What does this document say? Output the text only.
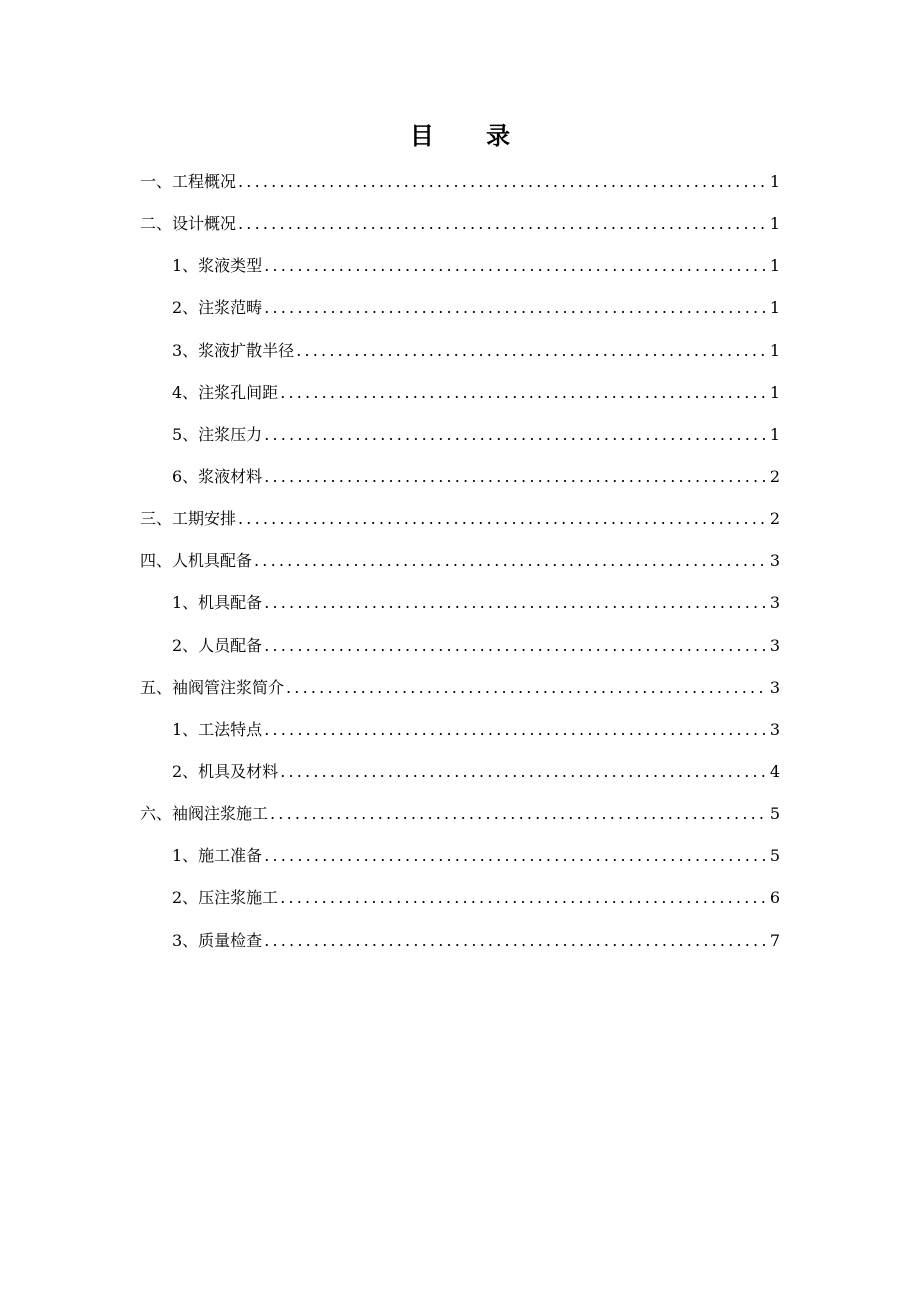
目 录
一、工程概况 .....	1
二、设计概况 .....	1
1、浆液类型 .....	1
2、注浆范畴 .....	1
3、浆液扩散半径 .....	1
4、注浆孔间距 .....	1
5、注浆压力 .....	1
6、浆液材料 .....	2
三、工期安排 .....	2
四、人机具配备 .....	3
1、机具配备 .....	3
2、人员配备 .....	3
五、袖阀管注浆简介 .....	3
1、工法特点 .....	3
2、机具及材料 .....	4
六、袖阀注浆施工 .....	5
1、施工准备 .....	5
2、压注浆施工 .....	6
3、质量检查 .....	7
